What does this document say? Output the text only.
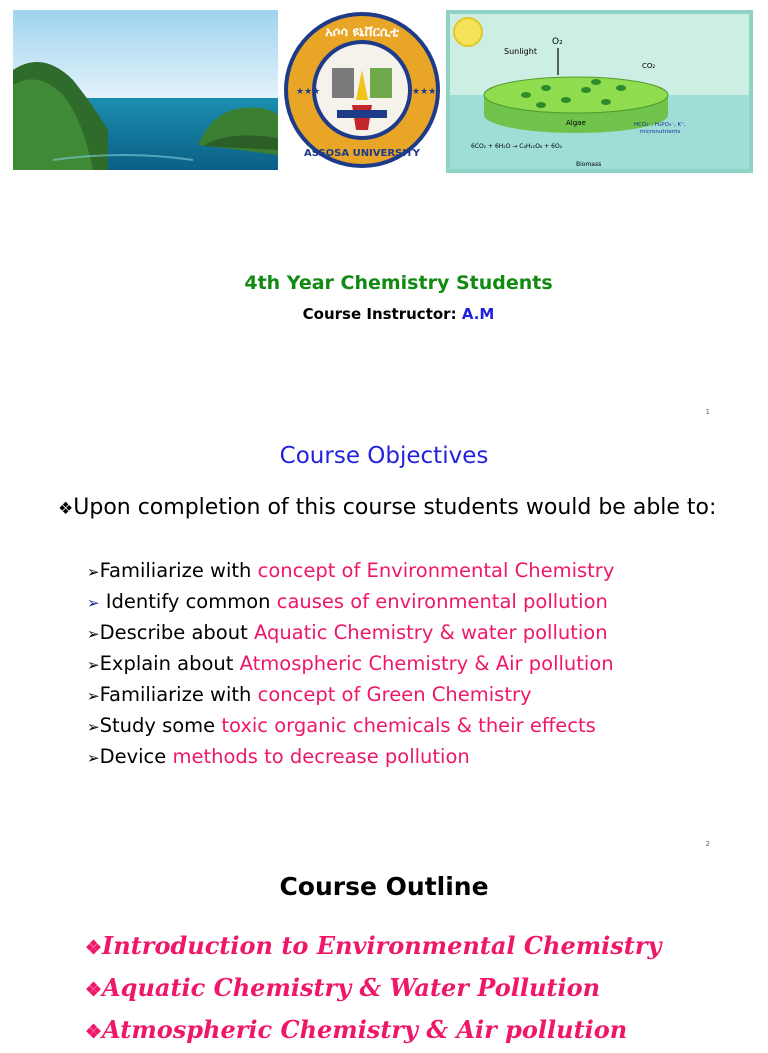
አሶሳ ዩኒቨርሲቲ
ASSOSA UNIVERSITY
★★★	★★★
Sunlight
O₂
CO₂
Algae	HCO₃⁻, H₂PO₄⁻, K⁺,
micronutrients
6CO₂ + 6H₂O → C₆H₁₂O₆ + 6O₂
Biomass
4th Year Chemistry Students
Course Instructor: A.M
1
2
Course Objectives
❖Upon completion of this course students would be able to:
➢Familiarize with concept of Environmental Chemistry
➢ Identify common causes of environmental pollution
➢Describe about Aquatic Chemistry & water pollution
➢Explain about Atmospheric Chemistry & Air pollution
➢Familiarize with concept of Green Chemistry
➢Study some toxic organic chemicals & their effects
➢Device methods to decrease pollution
Course Outline
❖Introduction to Environmental Chemistry
❖Aquatic Chemistry & Water Pollution
❖Atmospheric Chemistry & Air pollution
